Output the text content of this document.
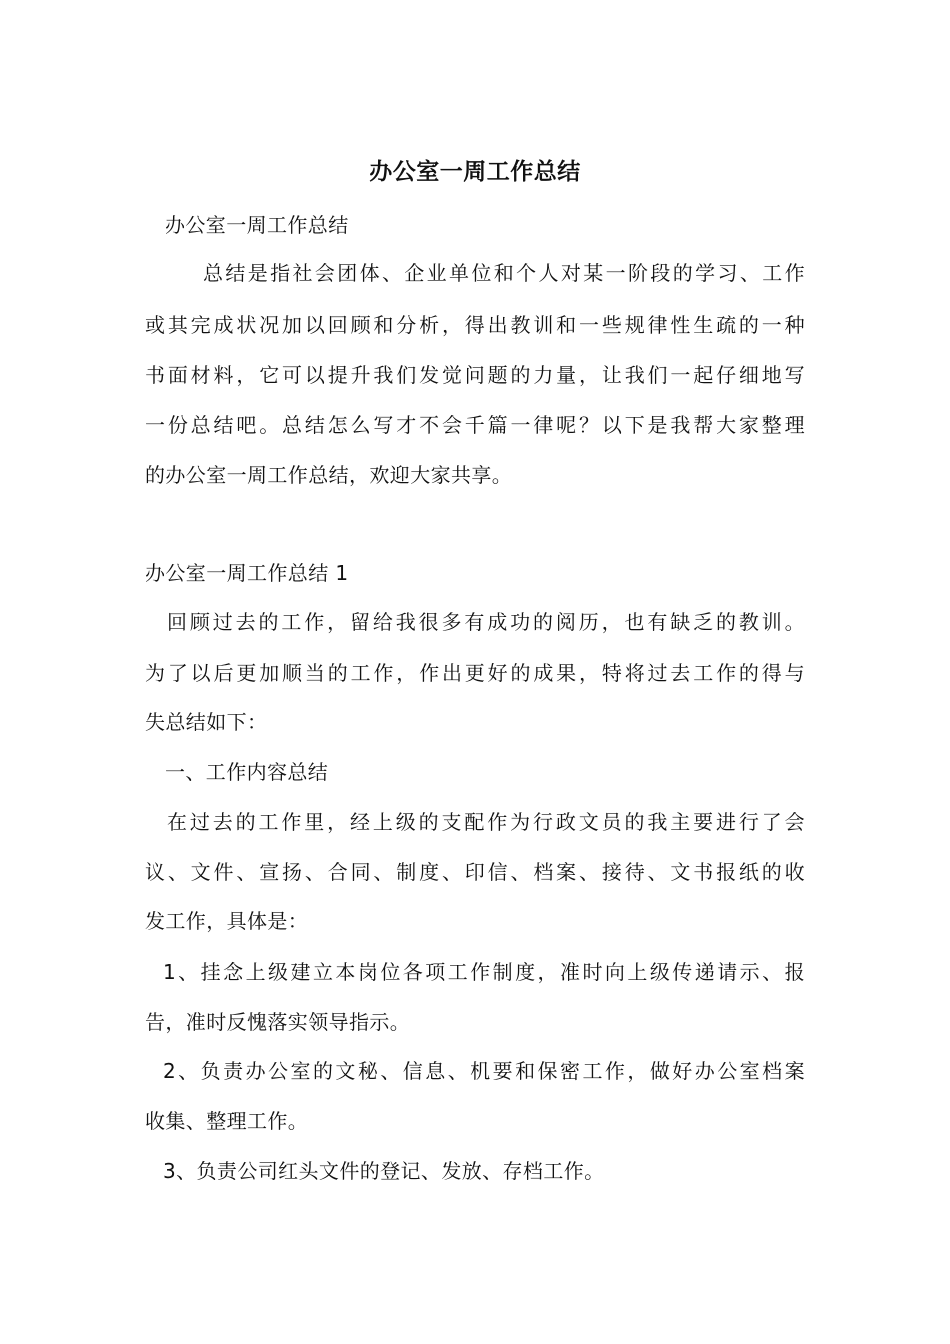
办公室一周工作总结
办公室一周工作总结
总结是指社会团体、企业单位和个人对某一阶段的学习、工作
或其完成状况加以回顾和分析，得出教训和一些规律性生疏的一种
书面材料，它可以提升我们发觉问题的力量，让我们一起仔细地写
一份总结吧。总结怎么写才不会千篇一律呢？以下是我帮大家整理
的办公室一周工作总结，欢迎大家共享。
办公室一周工作总结 1
回顾过去的工作，留给我很多有成功的阅历，也有缺乏的教训。
为了以后更加顺当的工作，作出更好的成果，特将过去工作的得与
失总结如下：
一、工作内容总结
在过去的工作里，经上级的支配作为行政文员的我主要进行了会
议、文件、宣扬、合同、制度、印信、档案、接待、文书报纸的收
发工作，具体是：
1、挂念上级建立本岗位各项工作制度，准时向上级传递请示、报
告，准时反愧落实领导指示。
2、负责办公室的文秘、信息、机要和保密工作，做好办公室档案
收集、整理工作。
3、负责公司红头文件的登记、发放、存档工作。
